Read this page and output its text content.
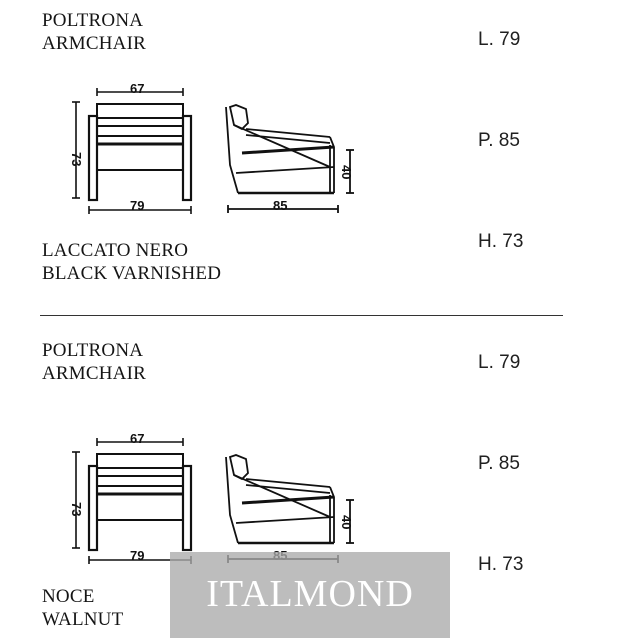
POLTRONA
ARMCHAIR	L. 79
P. 85
H. 73
67
73
79	85
40
LACCATO NERO
BLACK VARNISHED
POLTRONA
ARMCHAIR
L. 79
P. 85
H. 73
67
73
79
40
NOCE
WALNUT
ITALMOND
